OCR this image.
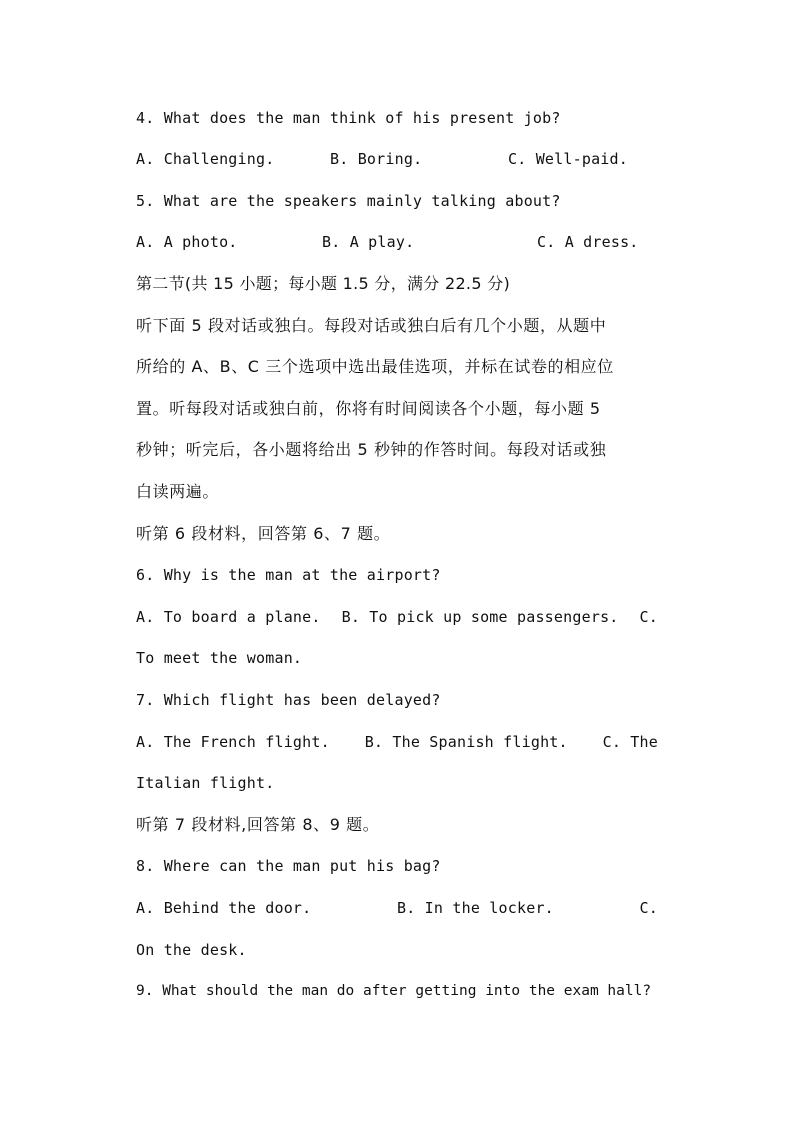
4. What does the man think of his present job?
A. Challenging.	B. Boring.	C. Well-paid.
5. What are the speakers mainly talking about?
A. A photo.	B. A play.	C. A dress.
第二节(共 15 小题；每小题 1.5 分，满分 22.5 分)
听下面 5 段对话或独白。每段对话或独白后有几个小题，从题中
所给的 A、B、C 三个选项中选出最佳选项，并标在试卷的相应位
置。听每段对话或独白前，你将有时间阅读各个小题，每小题 5
秒钟；听完后，各小题将给出 5 秒钟的作答时间。每段对话或独
白读两遍。
听第 6 段材料，回答第 6、7 题。
6. Why is the man at the airport?
A. To board a plane. B. To pick up some passengers. C.
To meet the woman.
7. Which flight has been delayed?
A. The French flight. B. The Spanish flight. C. The
Italian flight.
听第 7 段材料,回答第 8、9 题。
8. Where can the man put his bag?
A. Behind the door.	B. In the locker.	C.
On the desk.
9. What should the man do after getting into the exam hall?
